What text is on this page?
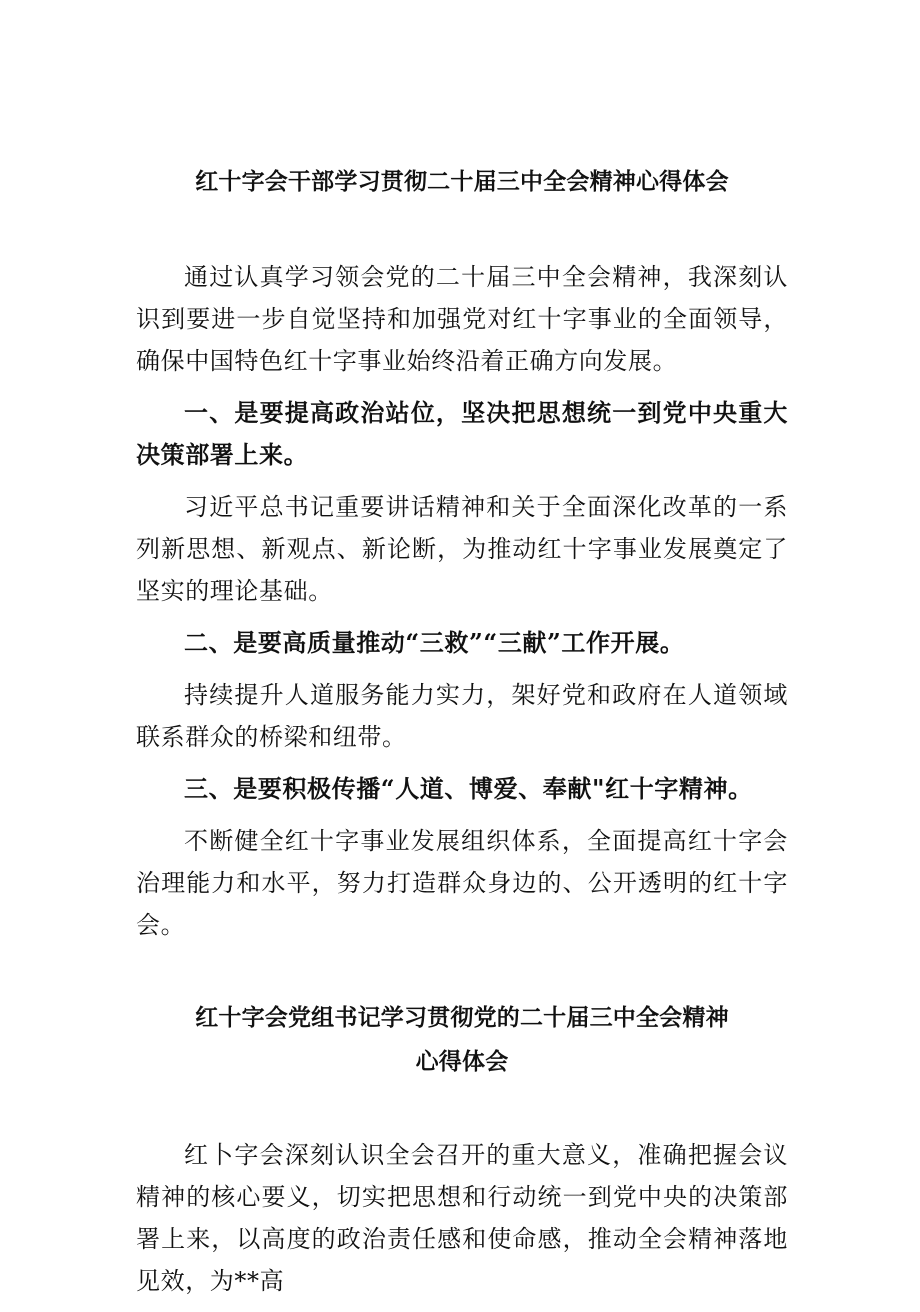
红十字会干部学习贯彻二十届三中全会精神心得体会

通过认真学习领会党的二十届三中全会精神，我深刻认识到要进一步自觉坚持和加强党对红十字事业的全面领导，确保中国特色红十字事业始终沿着正确方向发展。

一、是要提高政治站位，坚决把思想统一到党中央重大决策部署上来。

习近平总书记重要讲话精神和关于全面深化改革的一系列新思想、新观点、新论断，为推动红十字事业发展奠定了坚实的理论基础。

二、是要高质量推动“三救”“三献”工作开展。

持续提升人道服务能力实力，架好党和政府在人道领域联系群众的桥梁和纽带。

三、是要积极传播“人道、博爱、奉献"红十字精神。

不断健全红十字事业发展组织体系，全面提高红十字会治理能力和水平，努力打造群众身边的、公开透明的红十字会。

红十字会党组书记学习贯彻党的二十届三中全会精神
心得体会

红卜字会深刻认识全会召开的重大意义，准确把握会议精神的核心要义，切实把思想和行动统一到党中央的决策部署上来，以高度的政治责任感和使命感，推动全会精神落地见效，为**高
